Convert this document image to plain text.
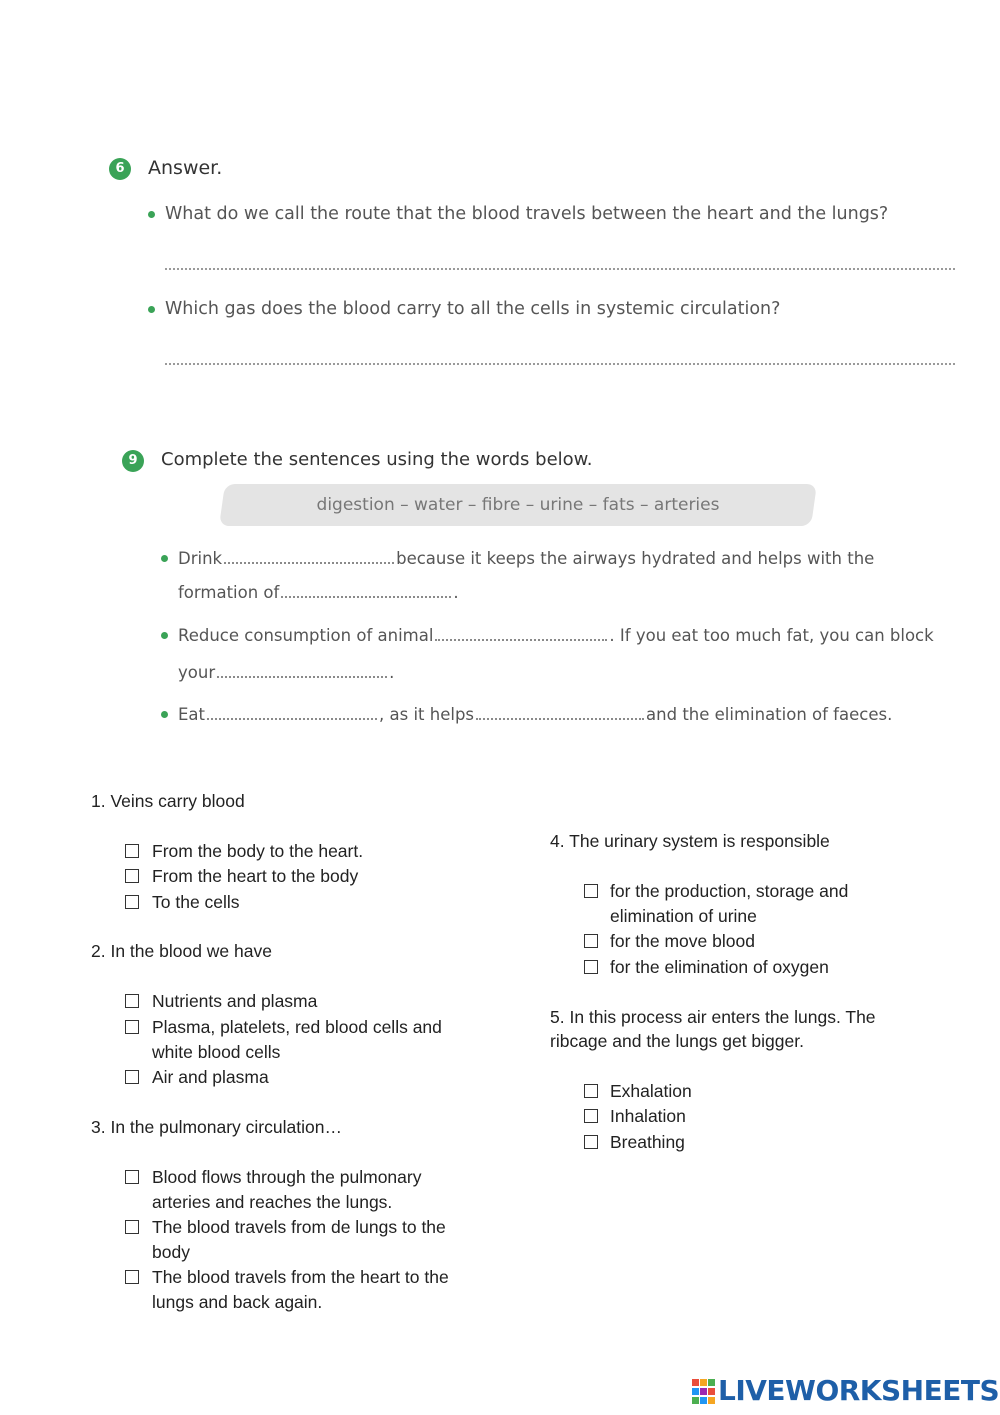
6	Answer.
What do we call the route that the blood travels between the heart and the lungs?
Which gas does the blood carry to all the cells in systemic circulation?
9	Complete the sentences using the words below.
digestion – water – fibre – urine – fats – arteries
Drink	because it keeps the airways hydrated and helps with the
formation of	.
Reduce consumption of animal	. If you eat too much fat, you can block
your	.
Eat	, as it helps	and the elimination of faeces.
1. Veins carry blood
From the body to the heart.
From the heart to the body
To the cells
2. In the blood we have
Nutrients and plasma
Plasma, platelets, red blood cells and
white blood cells
Air and plasma
3. In the pulmonary circulation…
Blood flows through the pulmonary
arteries and reaches the lungs.
The blood travels from de lungs to the
body
The blood travels from the heart to the
lungs and back again.
4. The urinary system is responsible
for the production, storage and
elimination of urine
for the move blood
for the elimination of oxygen
5. In this process air enters the lungs. The
ribcage and the lungs get bigger.
Exhalation
Inhalation
Breathing
LIVEWORKSHEETS
